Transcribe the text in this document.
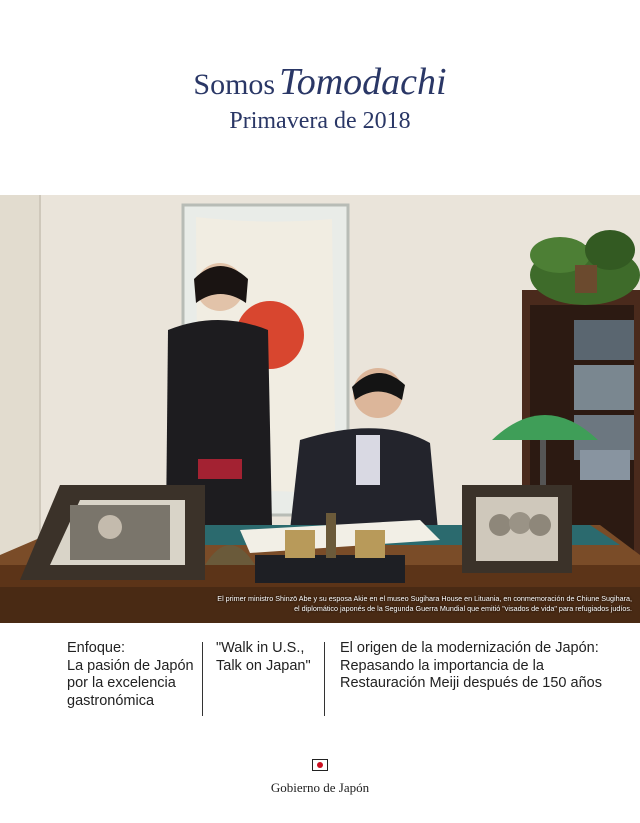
Somos Tomodachi
Primavera de 2018
El primer ministro Shinzō Abe y su esposa Akie en el museo Sugihara House en Lituania, en conmemoración de Chiune Sugihara,
el diplomático japonés de la Segunda Guerra Mundial que emitió "visados de vida" para refugiados judíos.
Enfoque:
La pasión de Japón
por la excelencia
gastronómica
"Walk in U.S.,
Talk on Japan"
El origen de la modernización de Japón:
Repasando la importancia de la
Restauración Meiji después de 150 años
Gobierno de Japón
